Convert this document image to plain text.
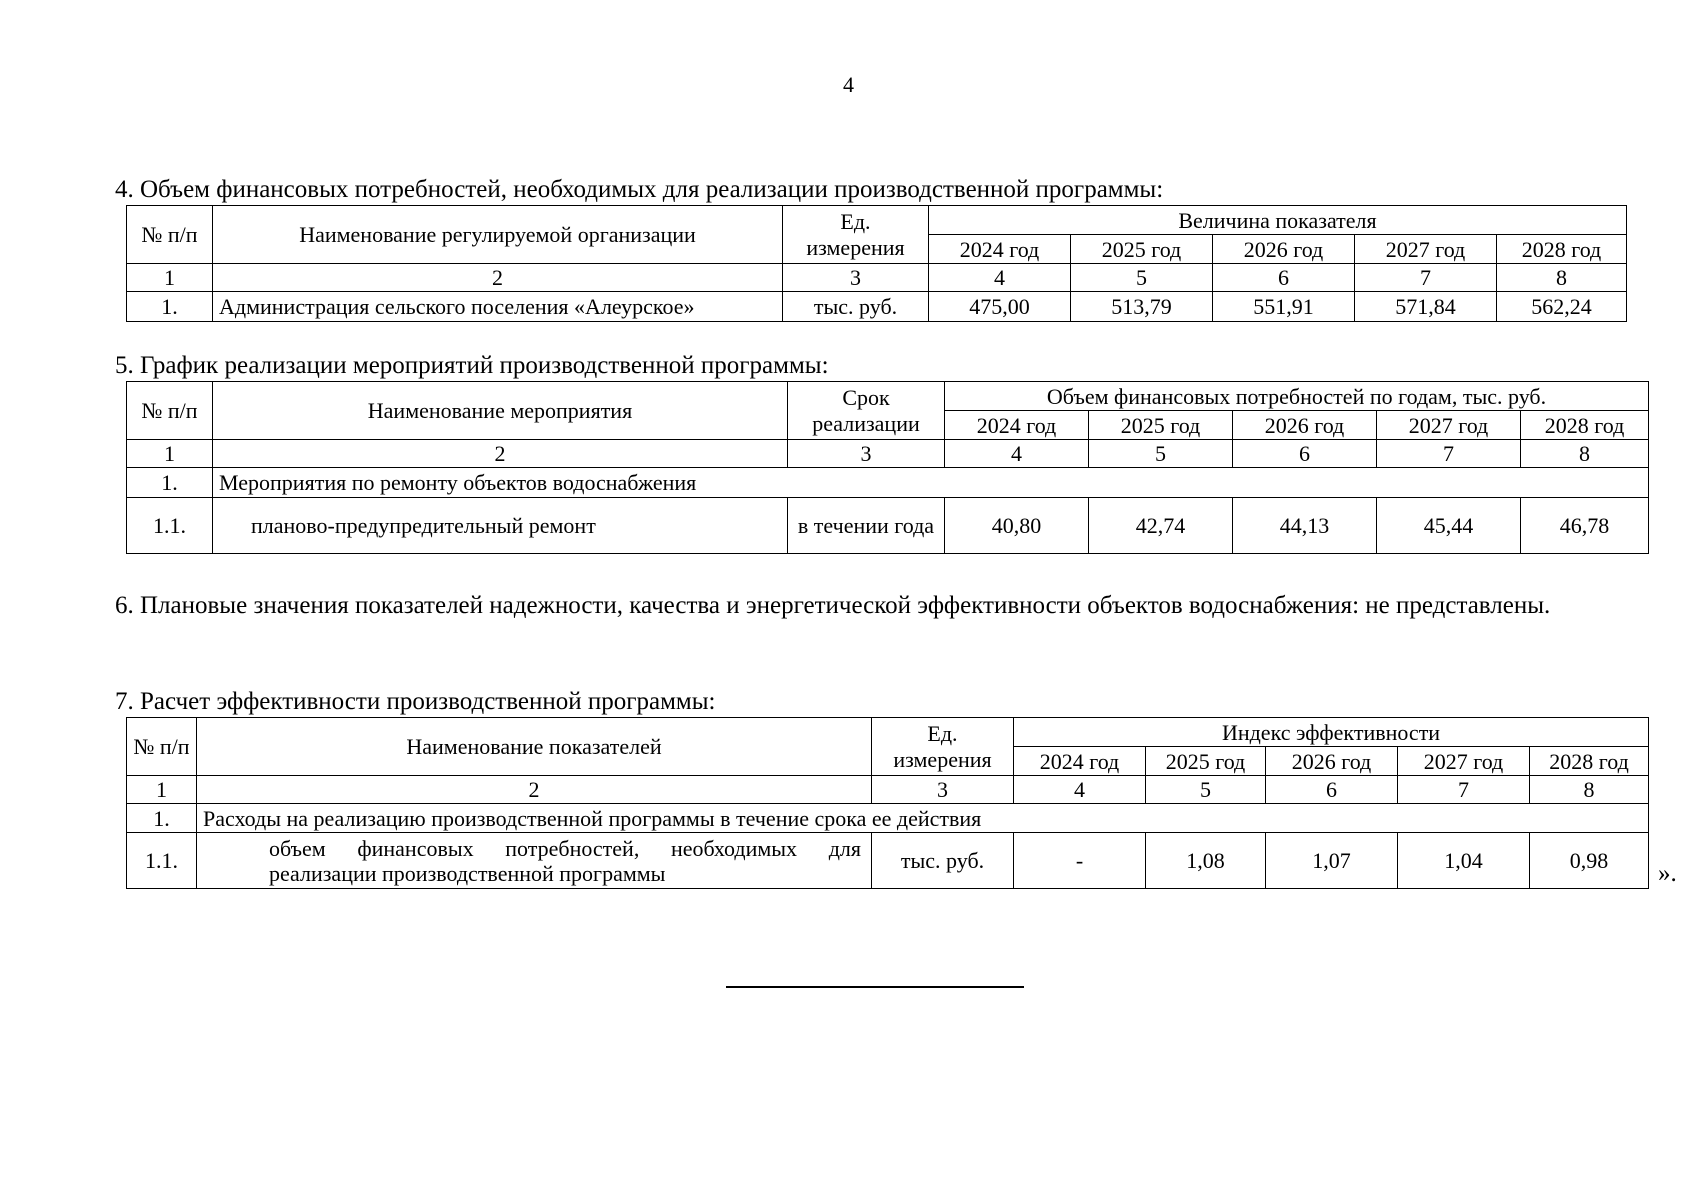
4
4. Объем финансовых потребностей, необходимых для реализации производственной программы:
№ п/п	Наименование регулируемой организации	Ед. измерения	Величина показателя				
			2024 год	2025 год	2026 год	2027 год	2028 год
1	2	3	4	5	6	7	8
1.	Администрация сельского поселения «Алеурское»	тыс. руб.	475,00	513,79	551,91	571,84	562,24
5. График реализации мероприятий производственной программы:
№ п/п	Наименование мероприятия	Срок реализации	Объем финансовых потребностей по годам, тыс. руб.				
			2024 год	2025 год	2026 год	2027 год	2028 год
1	2	3	4	5	6	7	8
1.	Мероприятия по ремонту объектов водоснабжения						
1.1.	планово-предупредительный ремонт	в течении года	40,80	42,74	44,13	45,44	46,78
6. Плановые значения показателей надежности, качества и энергетической эффективности объектов водоснабжения: не представлены.
7. Расчет эффективности производственной программы:
№ п/п	Наименование показателей	Ед. измерения	Индекс эффективности				
			2024 год	2025 год	2026 год	2027 год	2028 год
1	2	3	4	5	6	7	8
1.	Расходы на реализацию производственной программы в течение срока ее действия						
1.1.	объем финансовых потребностей, необходимых для реализации производственной программы	тыс. руб.	-	1,08	1,07	1,04	0,98 ».
